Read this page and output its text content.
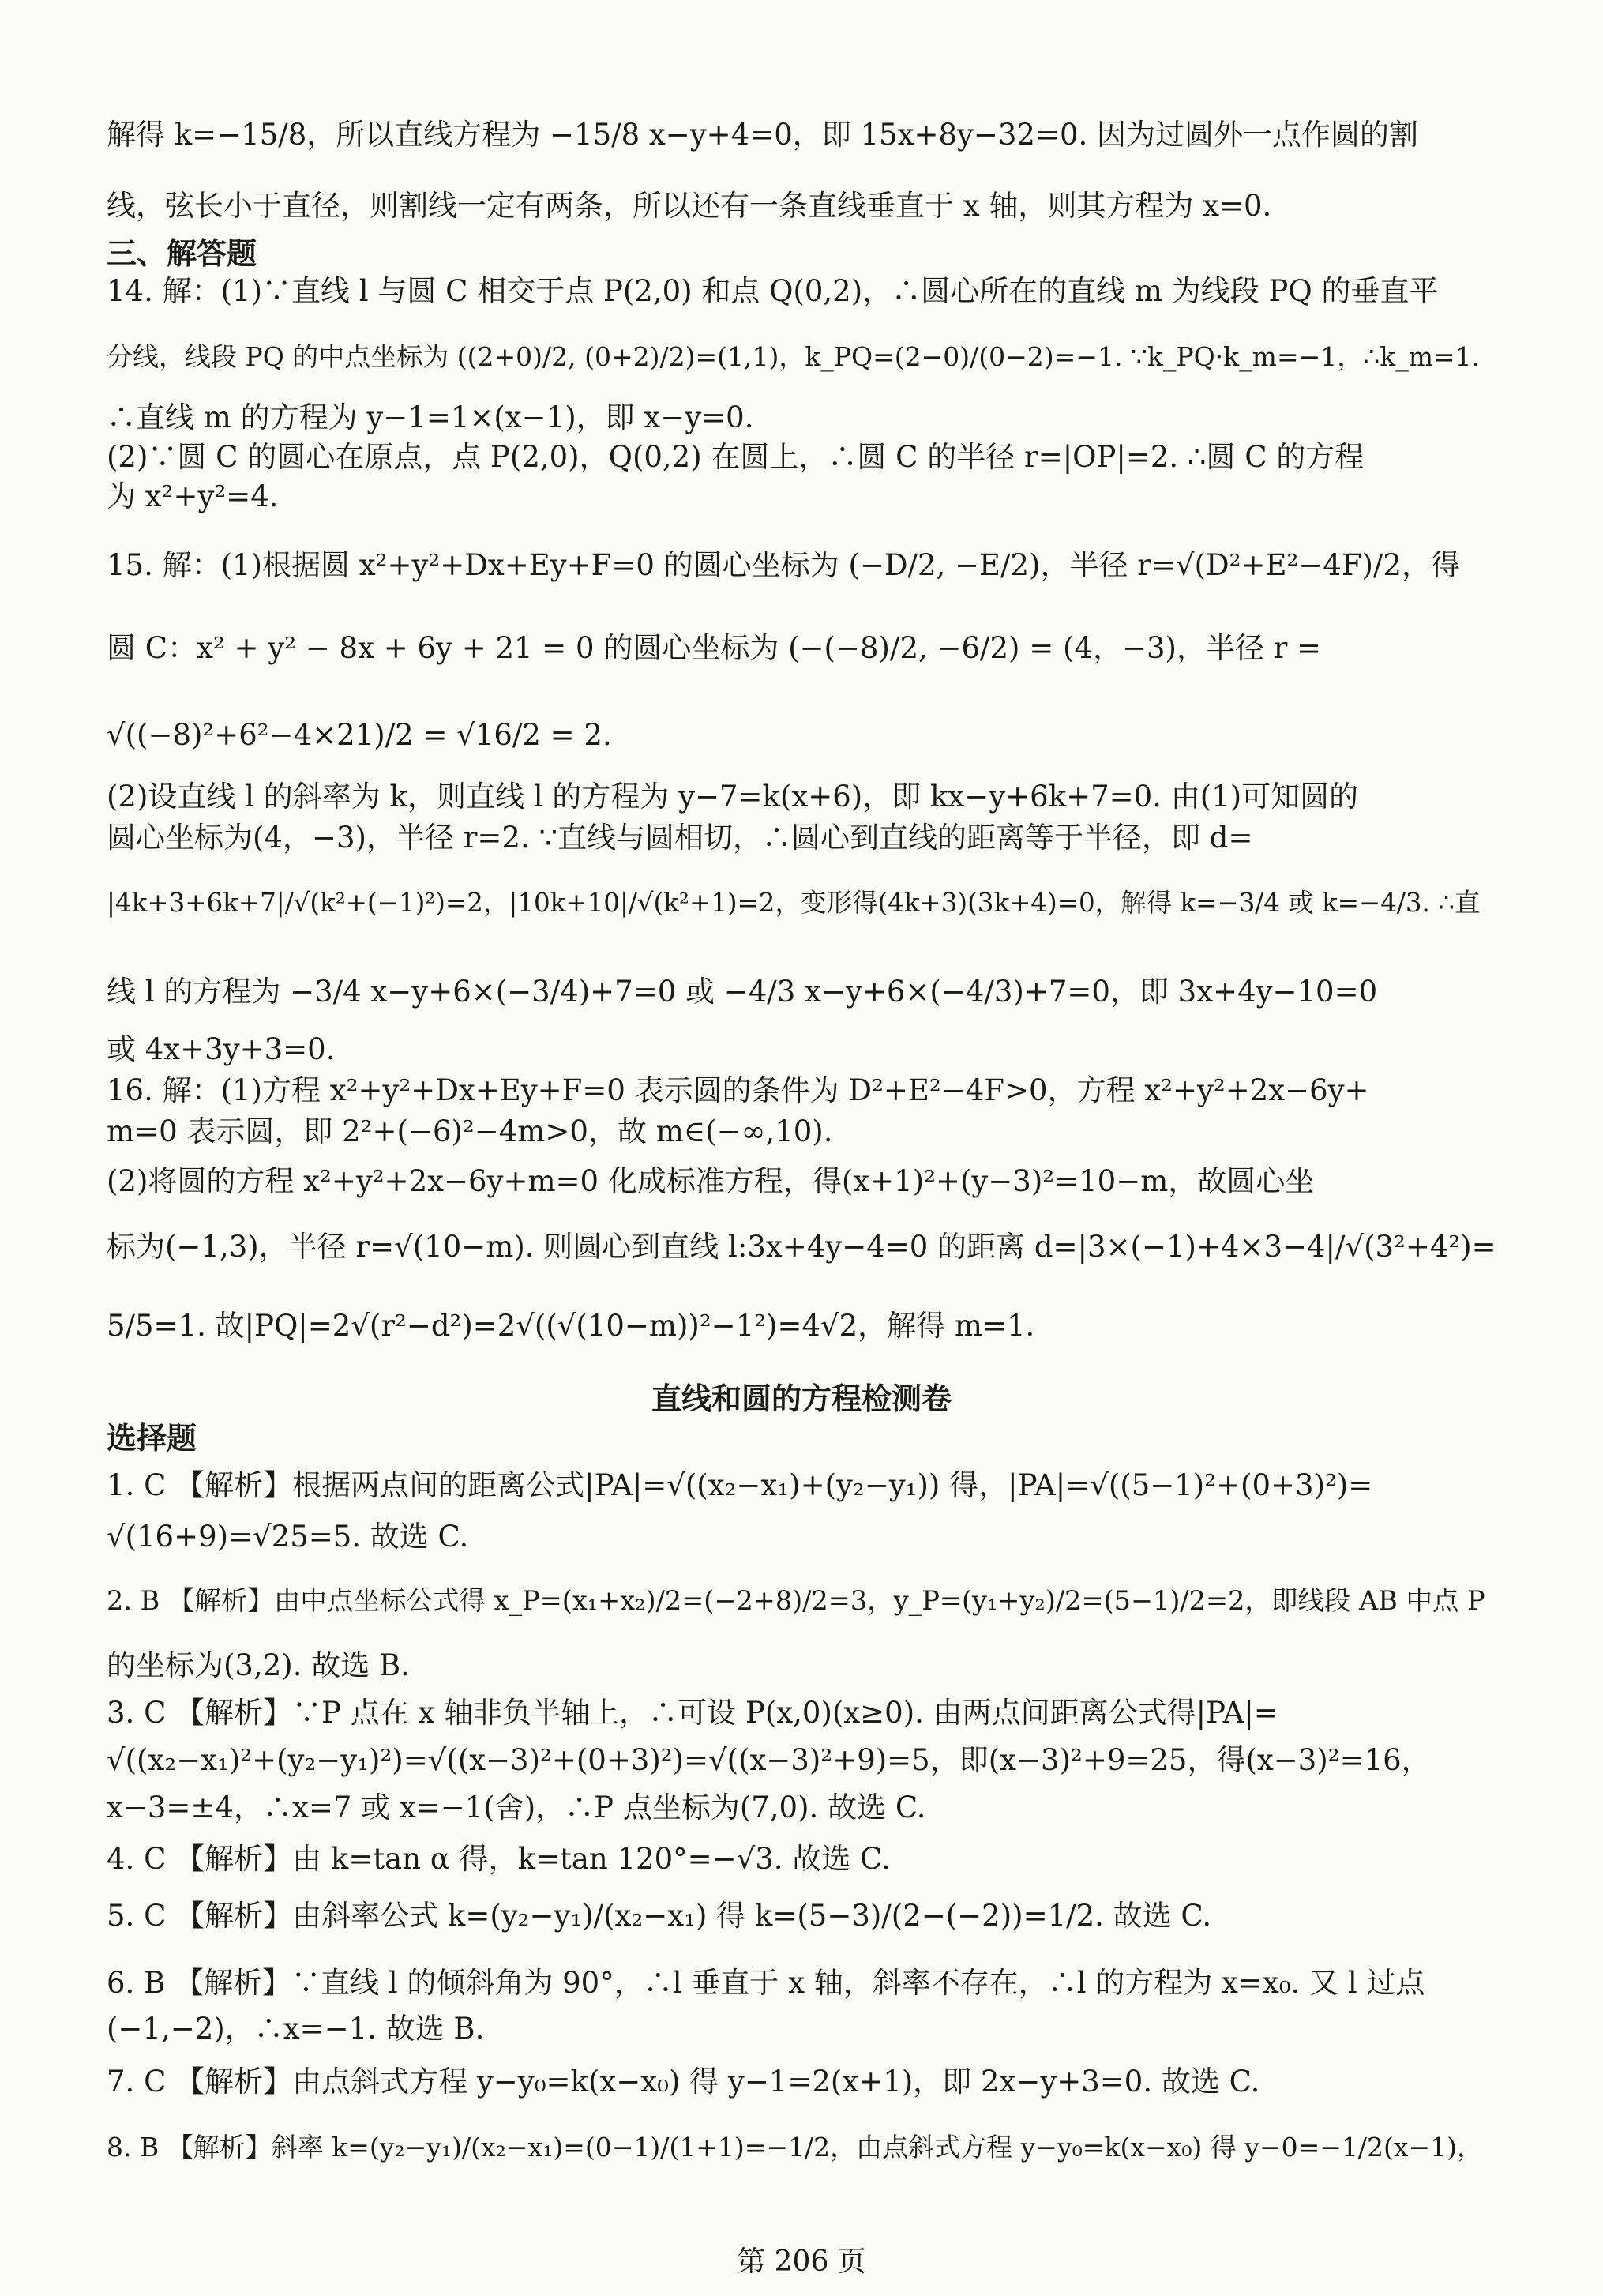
解得 k=−15/8，所以直线方程为 −15/8 x−y+4=0，即 15x+8y−32=0. 因为过圆外一点作圆的割
线，弦长小于直径，则割线一定有两条，所以还有一条直线垂直于 x 轴，则其方程为 x=0.
三、解答题
14. 解：(1)∵直线 l 与圆 C 相交于点 P(2,0) 和点 Q(0,2)，∴圆心所在的直线 m 为线段 PQ 的垂直平
分线，线段 PQ 的中点坐标为 ((2+0)/2, (0+2)/2)=(1,1)，k_PQ=(2−0)/(0−2)=−1. ∵k_PQ·k_m=−1，∴k_m=1.
∴直线 m 的方程为 y−1=1×(x−1)，即 x−y=0.
(2)∵圆 C 的圆心在原点，点 P(2,0)，Q(0,2) 在圆上，∴圆 C 的半径 r=|OP|=2. ∴圆 C 的方程
为 x²+y²=4.
15. 解：(1)根据圆 x²+y²+Dx+Ey+F=0 的圆心坐标为 (−D/2, −E/2)，半径 r=√(D²+E²−4F)/2，得
圆 C：x² + y² − 8x + 6y + 21 = 0 的圆心坐标为 (−(−8)/2, −6/2) = (4，−3)，半径 r =
√((−8)²+6²−4×21)/2 = √16/2 = 2.
(2)设直线 l 的斜率为 k，则直线 l 的方程为 y−7=k(x+6)，即 kx−y+6k+7=0. 由(1)可知圆的
圆心坐标为(4，−3)，半径 r=2. ∵直线与圆相切，∴圆心到直线的距离等于半径，即 d=
|4k+3+6k+7|/√(k²+(−1)²)=2，|10k+10|/√(k²+1)=2，变形得(4k+3)(3k+4)=0，解得 k=−3/4 或 k=−4/3. ∴直
线 l 的方程为 −3/4 x−y+6×(−3/4)+7=0 或 −4/3 x−y+6×(−4/3)+7=0，即 3x+4y−10=0
或 4x+3y+3=0.
16. 解：(1)方程 x²+y²+Dx+Ey+F=0 表示圆的条件为 D²+E²−4F>0，方程 x²+y²+2x−6y+
m=0 表示圆，即 2²+(−6)²−4m>0，故 m∈(−∞,10).
(2)将圆的方程 x²+y²+2x−6y+m=0 化成标准方程，得(x+1)²+(y−3)²=10−m，故圆心坐
标为(−1,3)，半径 r=√(10−m). 则圆心到直线 l:3x+4y−4=0 的距离 d=|3×(−1)+4×3−4|/√(3²+4²)=
5/5=1. 故|PQ|=2√(r²−d²)=2√((√(10−m))²−1²)=4√2，解得 m=1.
直线和圆的方程检测卷
选择题
1. C 【解析】根据两点间的距离公式|PA|=√((x₂−x₁)+(y₂−y₁)) 得，|PA|=√((5−1)²+(0+3)²)=
√(16+9)=√25=5. 故选 C.
2. B 【解析】由中点坐标公式得 x_P=(x₁+x₂)/2=(−2+8)/2=3，y_P=(y₁+y₂)/2=(5−1)/2=2，即线段 AB 中点 P
的坐标为(3,2). 故选 B.
3. C 【解析】∵P 点在 x 轴非负半轴上，∴可设 P(x,0)(x≥0). 由两点间距离公式得|PA|=
√((x₂−x₁)²+(y₂−y₁)²)=√((x−3)²+(0+3)²)=√((x−3)²+9)=5，即(x−3)²+9=25，得(x−3)²=16，
x−3=±4，∴x=7 或 x=−1(舍)，∴P 点坐标为(7,0). 故选 C.
4. C 【解析】由 k=tan α 得，k=tan 120°=−√3. 故选 C.
5. C 【解析】由斜率公式 k=(y₂−y₁)/(x₂−x₁) 得 k=(5−3)/(2−(−2))=1/2. 故选 C.
6. B 【解析】∵直线 l 的倾斜角为 90°，∴l 垂直于 x 轴，斜率不存在，∴l 的方程为 x=x₀. 又 l 过点
(−1,−2)，∴x=−1. 故选 B.
7. C 【解析】由点斜式方程 y−y₀=k(x−x₀) 得 y−1=2(x+1)，即 2x−y+3=0. 故选 C.
8. B 【解析】斜率 k=(y₂−y₁)/(x₂−x₁)=(0−1)/(1+1)=−1/2，由点斜式方程 y−y₀=k(x−x₀) 得 y−0=−1/2(x−1)，
第 206 页
